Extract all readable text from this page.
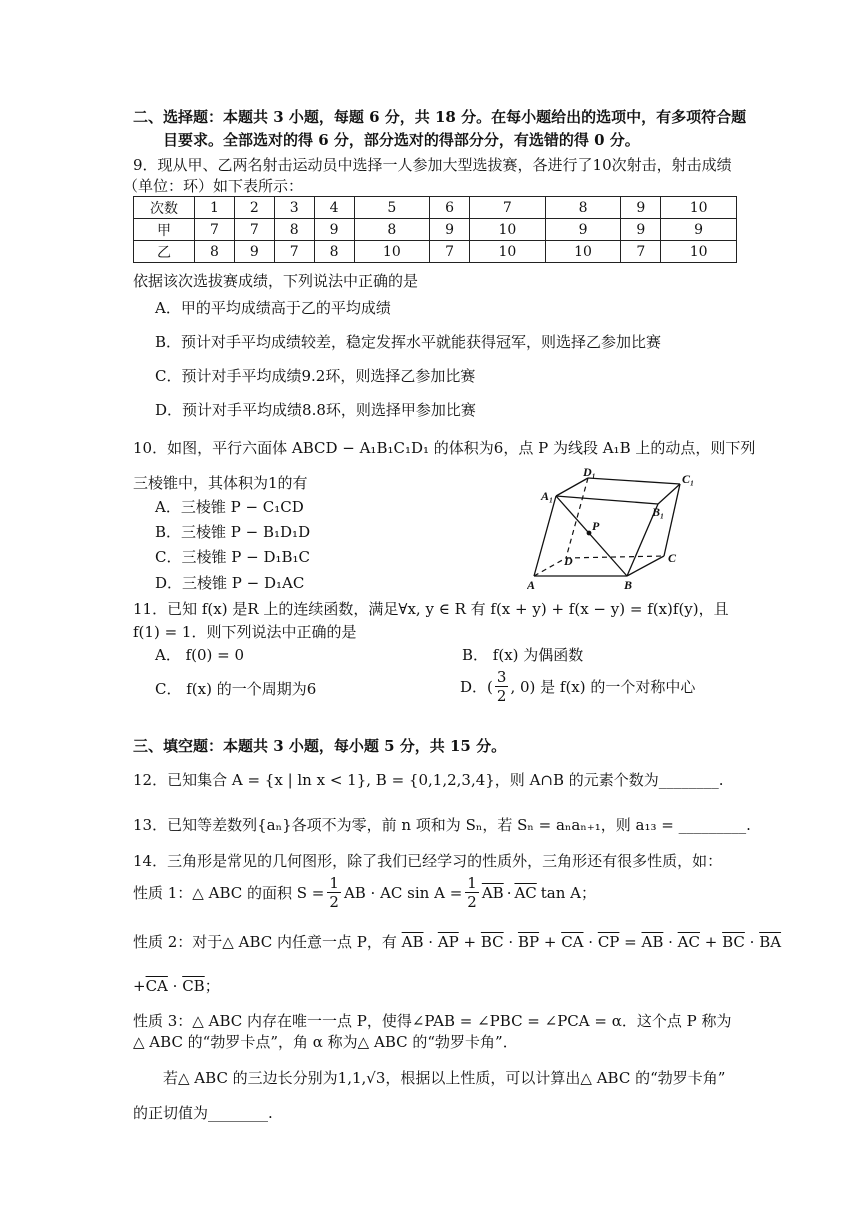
二、选择题：本题共 3 小题，每题 6 分，共 18 分。在每小题给出的选项中，有多项符合题
目要求。全部选对的得 6 分，部分选对的得部分分，有选错的得 0 分。
9．现从甲、乙两名射击运动员中选择一人参加大型选拔赛，各进行了10次射击，射击成绩
（单位：环）如下表所示：
次数	1	2	3	4	5	6	7	8	9	10
甲	7	7	8	9	8	9	10	9	9	9
乙	8	9	7	8	10	7	10	10	7	10
依据该次选拔赛成绩，下列说法中正确的是
A．甲的平均成绩高于乙的平均成绩
B．预计对手平均成绩较差，稳定发挥水平就能获得冠军，则选择乙参加比赛
C．预计对手平均成绩9.2环，则选择乙参加比赛
D．预计对手平均成绩8.8环，则选择甲参加比赛
10．如图，平行六面体 ABCD − A₁B₁C₁D₁ 的体积为6，点 P 为线段 A₁B 上的动点，则下列
三棱锥中，其体积为1的有
A．三棱锥 P − C₁CD
B．三棱锥 P − B₁D₁D
C．三棱锥 P − D₁B₁C
D．三棱锥 P − D₁AC	A	B
C
D
A₁
B₁
C₁
D₁
P
11．已知 f(x) 是R 上的连续函数，满足∀x, y ∈ R 有 f(x + y) + f(x − y) = f(x)f(y)，且
f(1) = 1．则下列说法中正确的是
A． f(0) = 0	B． f(x) 为偶函数
C． f(x) 的一个周期为6	D．( $\frac{3}{2}$ , 0) 是 f(x) 的一个对称中心
三、填空题：本题共 3 小题，每小题 5 分，共 15 分。
12．已知集合 A = {x | ln x < 1}, B = {0,1,2,3,4}，则 A∩B 的元素个数为________.
13．已知等差数列{aₙ}各项不为零，前 n 项和为 Sₙ，若 Sₙ = aₙaₙ₊₁，则 a₁₃ = _________.
14．三角形是常见的几何图形，除了我们已经学习的性质外，三角形还有很多性质，如：
性质 1：△ ABC 的面积 $S = \frac{1}{2}$ AB · AC $\sin A = \frac{1}{2} \overline{AB} \cdot \overline{AC}$ tan A；
性质 2：对于△ ABC 内任意一点 P，有 $\overline{AB} \cdot \overline{AP} + \overline{BC} \cdot \overline{BP} + \overline{CA} \cdot \overline{CP} = \overline{AB} \cdot \overline{AC} + \overline{BC} \cdot \overline{BA}$
$+\overline{CA} \cdot \overline{CB}$；
性质 3：△ ABC 内存在唯一一点 P，使得∠PAB = ∠PBC = ∠PCA = α．这个点 P 称为
△ ABC 的“勃罗卡点”，角 α 称为△ ABC 的“勃罗卡角”．
若△ ABC 的三边长分别为1,1,√3，根据以上性质，可以计算出△ ABC 的“勃罗卡角”
的正切值为________.
